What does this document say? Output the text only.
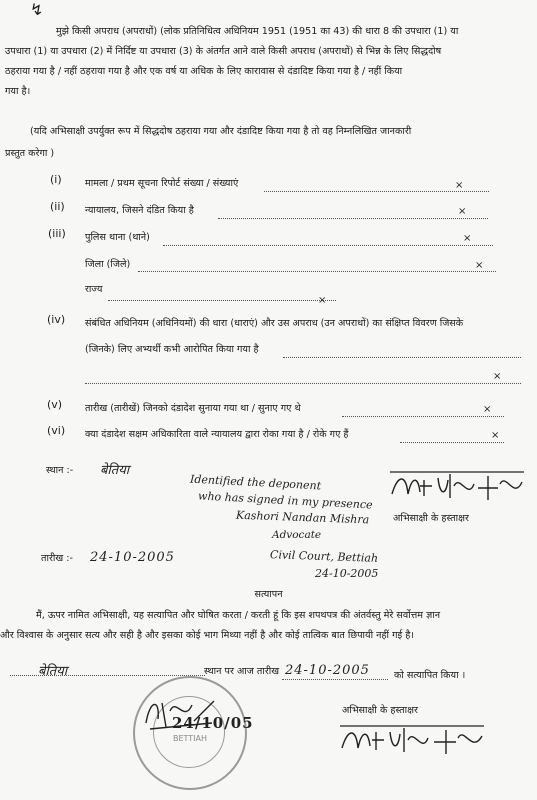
↯
मुझे किसी अपराध (अपराधों) (लोक प्रतिनिधित्व अधिनियम 1951 (1951 का 43) की धारा 8 की उपधारा (1) या
उपधारा (1) या उपधारा (2) में निर्दिष्ट या उपधारा (3) के अंतर्गत आने वाले किसी अपराध (अपराधों) से भिन्न के लिए सिद्धदोष
ठहराया गया है / नहीं ठहराया गया है और एक वर्ष या अधिक के लिए कारावास से दंडादिष्ट किया गया है / नहीं किया
गया है।
(यदि अभिसाक्षी उपर्युक्त रूप में सिद्धदोष ठहराया गया और दंडादिष्ट किया गया है तो वह निम्नलिखित जानकारी
प्रस्तुत करेगा )
(i) मामला / प्रथम सूचना रिपोर्ट संख्या / संख्याएं	×
(ii) न्यायालय, जिसने दंडित किया है	×
(iii) पुलिस थाना (थाने)	×
जिला (जिले)	×
राज्य
×
(iv) संबंधित अधिनियम (अधिनियमों) की धारा (धाराएं) और उस अपराध (उन अपराधों) का संक्षिप्त विवरण जिसके
(जिनके) लिए अभ्यर्थी कभी आरोपित किया गया है
×
(v) तारीख (तारीखें) जिनको दंडादेश सुनाया गया था / सुनाए गए थे	×
(vi) क्या दंडादेश सक्षम अधिकारिता वाले न्यायालय द्वारा रोका गया है / रोके गए हैं	×
स्थान :- बेतिया
Identified the deponent
who has signed in my presence
Kashori Nandan Mishra
Advocate
Civil Court, Bettiah
24-10-2005
अभिसाक्षी के हस्ताक्षर
तारीख :- 24-10-2005
सत्यापन
मैं, ऊपर नामित अभिसाक्षी, यह सत्यापित और घोषित करता / करती हूं कि इस शपथपत्र की अंतर्वस्तु मेरे सर्वोत्तम ज्ञान
और विश्वास के अनुसार सत्य और सही है और इसका कोई भाग मिथ्या नहीं है और कोई तात्विक बात छिपायी नहीं गई है।
बेतिया	स्थान पर आज तारीख 24-10-2005	को सत्यापित किया ।
BETTIAH
24/10/05
अभिसाक्षी के हस्ताक्षर
